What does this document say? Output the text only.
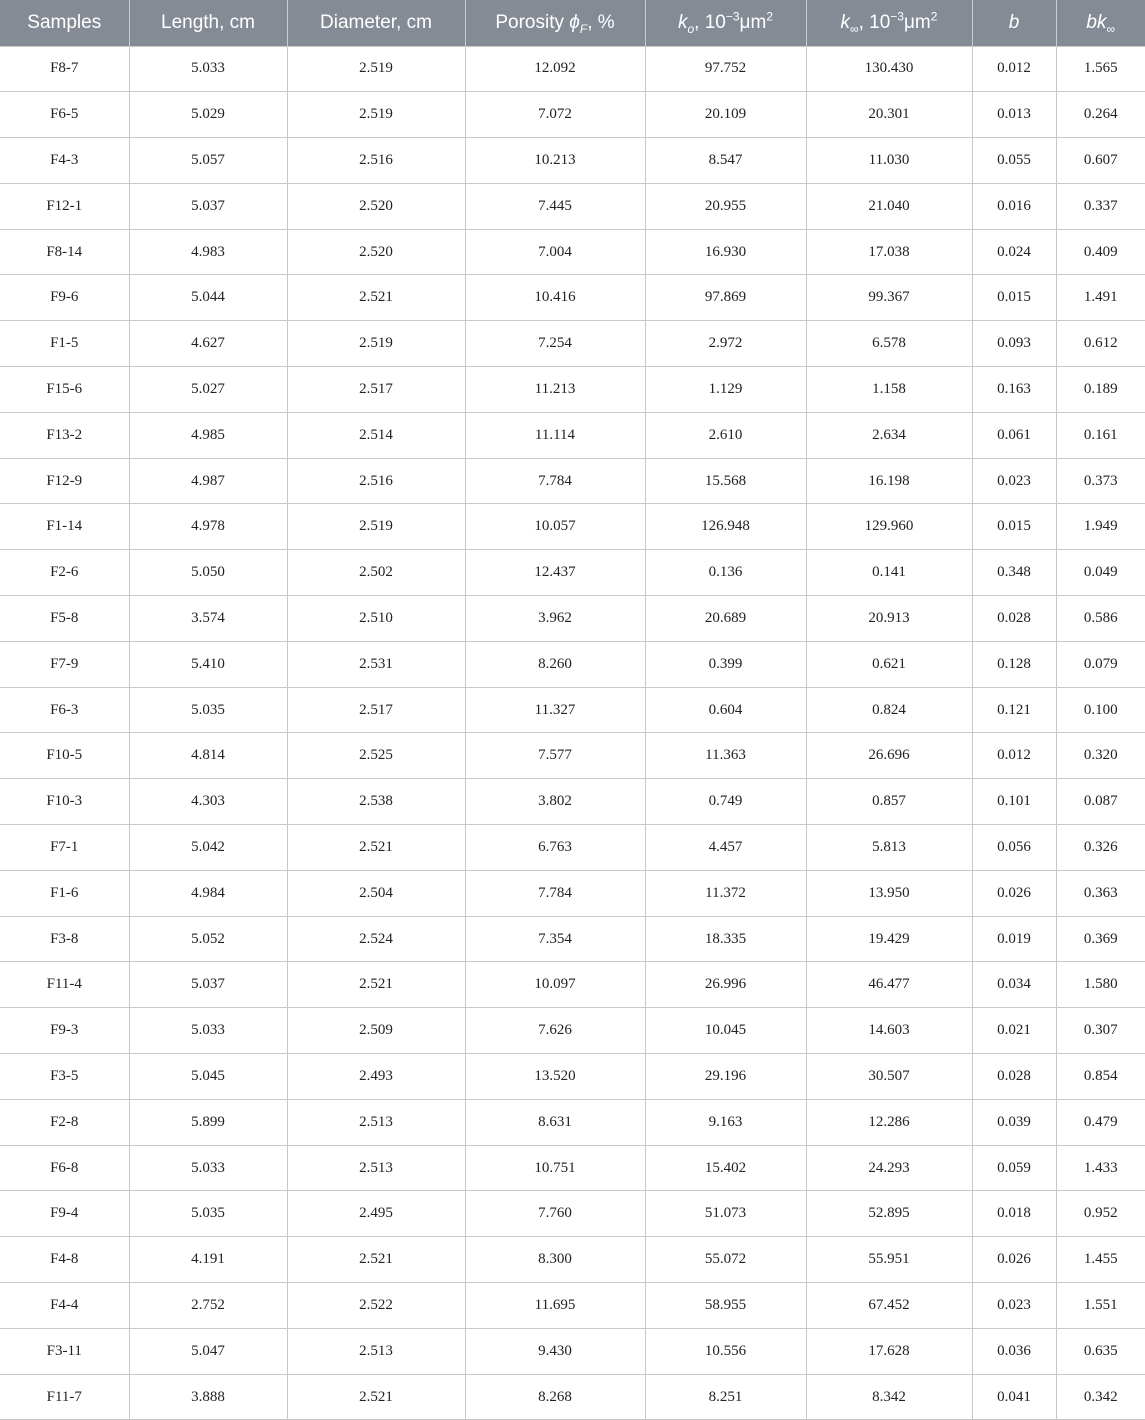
Samples	Length, cm	Diameter, cm	Porosity $\phi_F$, %	$k_o$, $10^{-3}\mu m^2$	$k_\infty$, $10^{-3}\mu m^2$	b	$bk_\infty$
F8-7	5.033	2.519	12.092	97.752	130.430	0.012	1.565
F6-5	5.029	2.519	7.072	20.109	20.301	0.013	0.264
F4-3	5.057	2.516	10.213	8.547	11.030	0.055	0.607
F12-1	5.037	2.520	7.445	20.955	21.040	0.016	0.337
F8-14	4.983	2.520	7.004	16.930	17.038	0.024	0.409
F9-6	5.044	2.521	10.416	97.869	99.367	0.015	1.491
F1-5	4.627	2.519	7.254	2.972	6.578	0.093	0.612
F15-6	5.027	2.517	11.213	1.129	1.158	0.163	0.189
F13-2	4.985	2.514	11.114	2.610	2.634	0.061	0.161
F12-9	4.987	2.516	7.784	15.568	16.198	0.023	0.373
F1-14	4.978	2.519	10.057	126.948	129.960	0.015	1.949
F2-6	5.050	2.502	12.437	0.136	0.141	0.348	0.049
F5-8	3.574	2.510	3.962	20.689	20.913	0.028	0.586
F7-9	5.410	2.531	8.260	0.399	0.621	0.128	0.079
F6-3	5.035	2.517	11.327	0.604	0.824	0.121	0.100
F10-5	4.814	2.525	7.577	11.363	26.696	0.012	0.320
F10-3	4.303	2.538	3.802	0.749	0.857	0.101	0.087
F7-1	5.042	2.521	6.763	4.457	5.813	0.056	0.326
F1-6	4.984	2.504	7.784	11.372	13.950	0.026	0.363
F3-8	5.052	2.524	7.354	18.335	19.429	0.019	0.369
F11-4	5.037	2.521	10.097	26.996	46.477	0.034	1.580
F9-3	5.033	2.509	7.626	10.045	14.603	0.021	0.307
F3-5	5.045	2.493	13.520	29.196	30.507	0.028	0.854
F2-8	5.899	2.513	8.631	9.163	12.286	0.039	0.479
F6-8	5.033	2.513	10.751	15.402	24.293	0.059	1.433
F9-4	5.035	2.495	7.760	51.073	52.895	0.018	0.952
F4-8	4.191	2.521	8.300	55.072	55.951	0.026	1.455
F4-4	2.752	2.522	11.695	58.955	67.452	0.023	1.551
F3-11	5.047	2.513	9.430	10.556	17.628	0.036	0.635
F11-7	3.888	2.521	8.268	8.251	8.342	0.041	0.342
